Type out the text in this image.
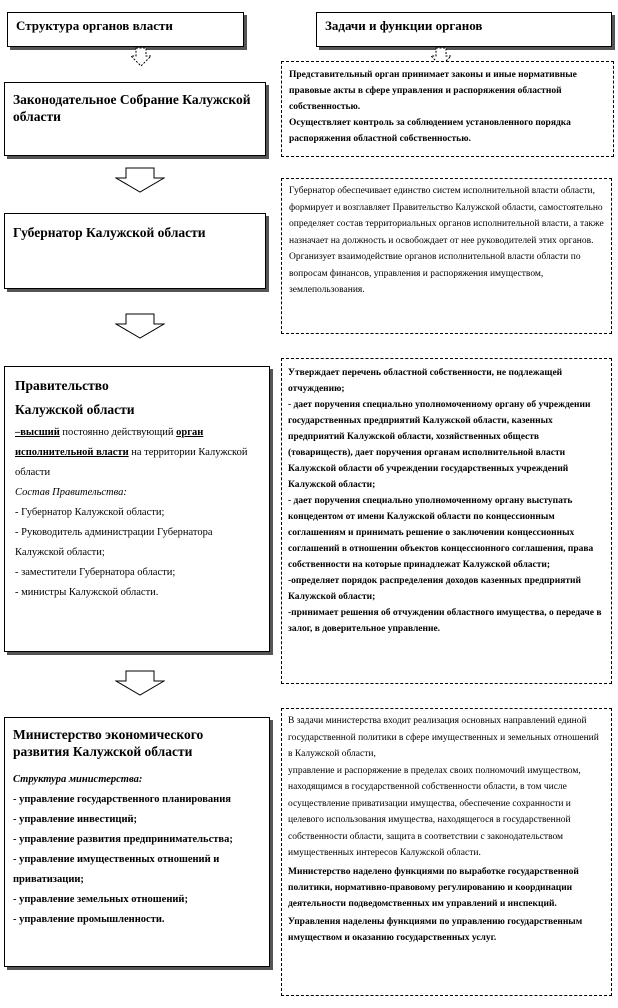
Структура органов власти	Задачи и функции органов
Законодательное Собрание Калужской области
Представительный орган принимает законы и иные нормативные правовые акты в сфере управления и распоряжения областной собственностью.
Осуществляет контроль за соблюдением установленного порядка распоряжения областной собственностью.
Губернатор Калужской области
Губернатор обеспечивает единство систем исполнительной власти области, формирует и возглавляет Правительство Калужской области, самостоятельно определяет состав территориальных органов исполнительной власти, а также назначает на должность и освобождает от нее руководителей этих органов. Организует взаимодействие органов исполнительной власти области по вопросам финансов, управления и распоряжения имуществом, землепользования.
Правительство
Калужской области
–высший постоянно действующий орган исполнительной власти на территории Калужской области
Состав Правительства:
- Губернатор Калужской области;
- Руководитель администрации Губернатора Калужской области;
- заместители Губернатора области;
- министры Калужской области.
Утверждает перечень областной собственности, не подлежащей отчуждению;
- дает поручения специально уполномоченному органу об учреждении государственных предприятий Калужской области, казенных предприятий Калужской области, хозяйственных обществ (товариществ), дает поручения органам исполнительной власти Калужской области об учреждении государственных учреждений Калужской области;
- дает поручения специально уполномоченному органу выступать концедентом от имени Калужской области по концессионным соглашениям и принимать решение о заключении концессионных соглашений в отношении объектов концессионного соглашения, права собственности на которые принадлежат Калужской области;
-определяет порядок распределения доходов казенных предприятий Калужской области;
-принимает решения об отчуждении областного имущества, о передаче в залог, в доверительное управление.
Министерство экономического развития Калужской области
Структура министерства:
- управление государственного планирования
- управление инвестиций;
- управление развития предпринимательства;
- управление имущественных отношений и приватизации;
- управление земельных отношений;
- управление промышленности.
В задачи министерства входит реализация основных направлений единой государственной политики в сфере имущественных и земельных отношений в Калужской области,
управление и распоряжение в пределах своих полномочий имуществом, находящимся в государственной собственности области, в том числе осуществление приватизации имущества, обеспечение сохранности и целевого использования имущества, находящегося в государственной собственности области, защита в соответствии с законодательством имущественных интересов Калужской области.
Министерство наделено функциями по выработке государственной политики, нормативно-правовому регулированию и координации деятельности подведомственных им управлений и инспекций.
Управления наделены функциями по управлению государственным имуществом и оказанию государственных услуг.
